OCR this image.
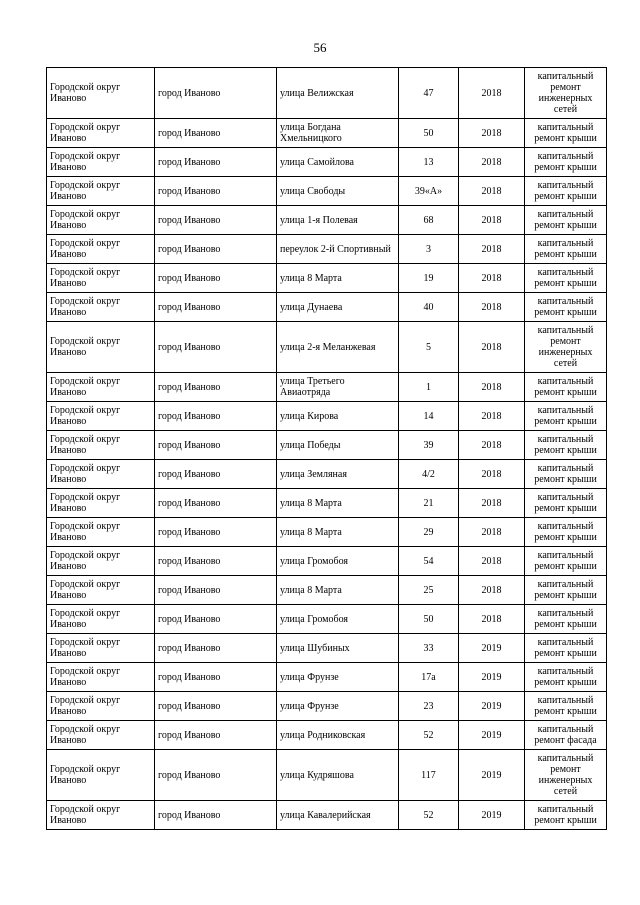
56
Городской округ Иваново	город Иваново	улица Велижская	47	2018	капитальный ремонт инженерных сетей
Городской округ Иваново	город Иваново	улица Богдана Хмельницкого	50	2018	капитальный ремонт крыши
Городской округ Иваново	город Иваново	улица Самойлова	13	2018	капитальный ремонт крыши
Городской округ Иваново	город Иваново	улица Свободы	39«А»	2018	капитальный ремонт крыши
Городской округ Иваново	город Иваново	улица 1-я Полевая	68	2018	капитальный ремонт крыши
Городской округ Иваново	город Иваново	переулок 2-й Спортивный	3	2018	капитальный ремонт крыши
Городской округ Иваново	город Иваново	улица 8 Марта	19	2018	капитальный ремонт крыши
Городской округ Иваново	город Иваново	улица Дунаева	40	2018	капитальный ремонт крыши
Городской округ Иваново	город Иваново	улица 2-я Меланжевая	5	2018	капитальный ремонт инженерных сетей
Городской округ Иваново	город Иваново	улица Третьего Авиаотряда	1	2018	капитальный ремонт крыши
Городской округ Иваново	город Иваново	улица Кирова	14	2018	капитальный ремонт крыши
Городской округ Иваново	город Иваново	улица Победы	39	2018	капитальный ремонт крыши
Городской округ Иваново	город Иваново	улица Земляная	4/2	2018	капитальный ремонт крыши
Городской округ Иваново	город Иваново	улица 8 Марта	21	2018	капитальный ремонт крыши
Городской округ Иваново	город Иваново	улица 8 Марта	29	2018	капитальный ремонт крыши
Городской округ Иваново	город Иваново	улица Громобоя	54	2018	капитальный ремонт крыши
Городской округ Иваново	город Иваново	улица 8 Марта	25	2018	капитальный ремонт крыши
Городской округ Иваново	город Иваново	улица Громобоя	50	2018	капитальный ремонт крыши
Городской округ Иваново	город Иваново	улица Шубиных	33	2019	капитальный ремонт крыши
Городской округ Иваново	город Иваново	улица Фрунзе	17а	2019	капитальный ремонт крыши
Городской округ Иваново	город Иваново	улица Фрунзе	23	2019	капитальный ремонт крыши
Городской округ Иваново	город Иваново	улица Родниковская	52	2019	капитальный ремонт фасада
Городской округ Иваново	город Иваново	улица Кудряшова	117	2019	капитальный ремонт инженерных сетей
Городской округ Иваново	город Иваново	улица Кавалерийская	52	2019	капитальный ремонт крыши
